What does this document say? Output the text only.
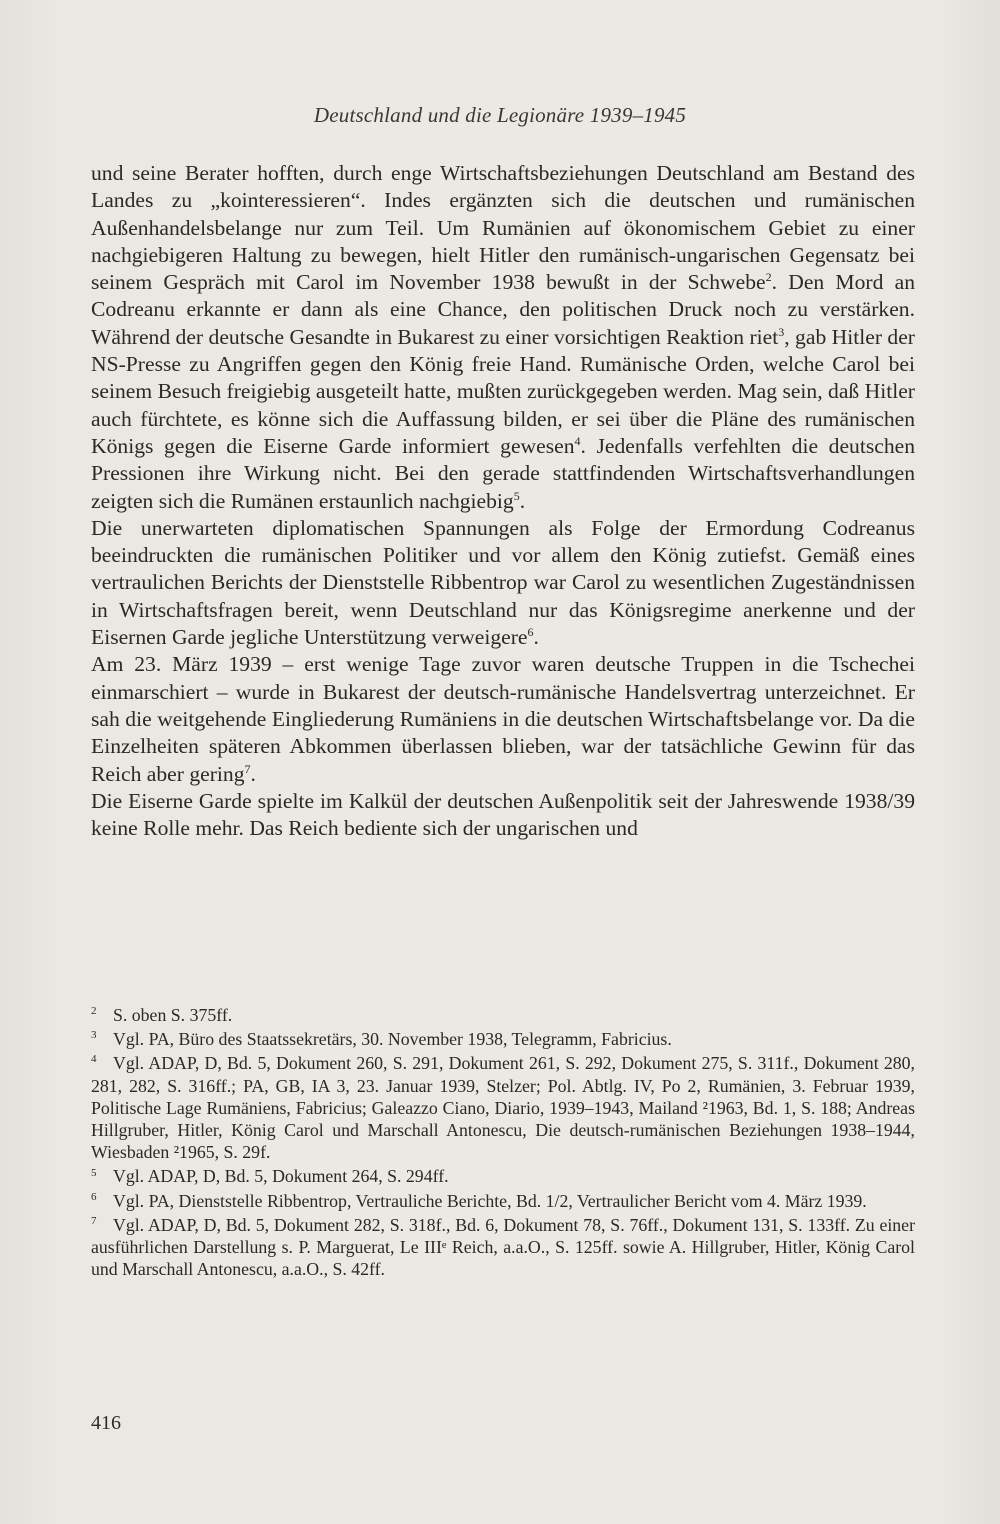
Deutschland und die Legionäre 1939–1945

und seine Berater hofften, durch enge Wirtschaftsbeziehungen Deutschland am Bestand des Landes zu „kointeressieren“. Indes ergänzten sich die deutschen und rumänischen Außenhandelsbelange nur zum Teil. Um Rumänien auf ökonomischem Gebiet zu einer nachgiebigeren Haltung zu bewegen, hielt Hitler den rumänisch-ungarischen Gegensatz bei seinem Gespräch mit Carol im November 1938 bewußt in der Schwebe$^2$. Den Mord an Codreanu erkannte er dann als eine Chance, den politischen Druck noch zu verstärken. Während der deutsche Gesandte in Bukarest zu einer vorsichtigen Reaktion riet$^3$, gab Hitler der NS-Presse zu Angriffen gegen den König freie Hand. Rumänische Orden, welche Carol bei seinem Besuch freigiebig ausgeteilt hatte, mußten zurückgegeben werden. Mag sein, daß Hitler auch fürchtete, es könne sich die Auffassung bilden, er sei über die Pläne des rumänischen Königs gegen die Eiserne Garde informiert gewesen$^4$. Jedenfalls verfehlten die deutschen Pressionen ihre Wirkung nicht. Bei den gerade stattfindenden Wirtschaftsverhandlungen zeigten sich die Rumänen erstaunlich nachgiebig$^5$.

Die unerwarteten diplomatischen Spannungen als Folge der Ermordung Codreanus beeindruckten die rumänischen Politiker und vor allem den König zutiefst. Gemäß eines vertraulichen Berichts der Dienststelle Ribbentrop war Carol zu wesentlichen Zugeständnissen in Wirtschaftsfragen bereit, wenn Deutschland nur das Königsregime anerkenne und der Eisernen Garde jegliche Unterstützung verweigere$^6$.

Am 23. März 1939 – erst wenige Tage zuvor waren deutsche Truppen in die Tschechei einmarschiert – wurde in Bukarest der deutsch-rumänische Handelsvertrag unterzeichnet. Er sah die weitgehende Eingliederung Rumäniens in die deutschen Wirtschaftsbelange vor. Da die Einzelheiten späteren Abkommen überlassen blieben, war der tatsächliche Gewinn für das Reich aber gering$^7$.

Die Eiserne Garde spielte im Kalkül der deutschen Außenpolitik seit der Jahreswende 1938/39 keine Rolle mehr. Das Reich bediente sich der ungarischen und

2 S. oben S. 375ff.

3 Vgl. PA, Büro des Staatssekretärs, 30. November 1938, Telegramm, Fabricius.

4 Vgl. ADAP, D, Bd. 5, Dokument 260, S. 291, Dokument 261, S. 292, Dokument 275, S. 311f., Dokument 280, 281, 282, S. 316ff.; PA, GB, IA 3, 23. Januar 1939, Stelzer; Pol. Abtlg. IV, Po 2, Rumänien, 3. Februar 1939, Politische Lage Rumäniens, Fabricius; Galeazzo Ciano, Diario, 1939–1943, Mailand ²1963, Bd. 1, S. 188; Andreas Hillgruber, Hitler, König Carol und Marschall Antonescu, Die deutsch-rumänischen Beziehungen 1938–1944, Wiesbaden ²1965, S. 29f.

5 Vgl. ADAP, D, Bd. 5, Dokument 264, S. 294ff.

6 Vgl. PA, Dienststelle Ribbentrop, Vertrauliche Berichte, Bd. 1/2, Vertraulicher Bericht vom 4. März 1939.

7 Vgl. ADAP, D, Bd. 5, Dokument 282, S. 318f., Bd. 6, Dokument 78, S. 76ff., Dokument 131, S. 133ff. Zu einer ausführlichen Darstellung s. P. Marguerat, Le IIIᵉ Reich, a.a.O., S. 125ff. sowie A. Hillgruber, Hitler, König Carol und Marschall Antonescu, a.a.O., S. 42ff.

416
